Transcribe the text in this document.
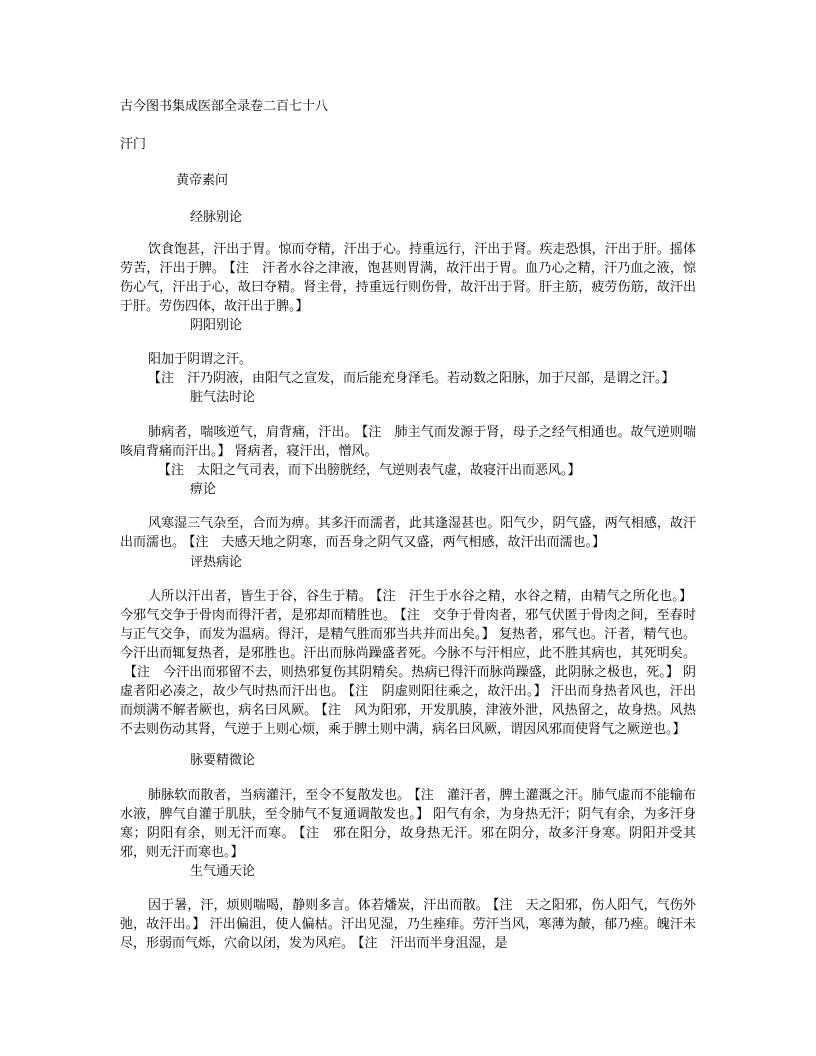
古今图书集成医部全录卷二百七十八
汗门
黄帝素问
经脉别论
饮食饱甚，汗出于胃。惊而夺精，汗出于心。持重远行，汗出于肾。疾走恐惧，汗出于肝。摇体劳苦，汗出于脾。 【注　汗者水谷之津液，饱甚则胃满，故汗出于胃。血乃心之精，汗乃血之液，惊伤心气，汗出于心，故曰夺精。肾主骨，持重远行则伤骨，故汗出于肾。肝主筋，疲劳伤筋，故汗出于肝。劳伤四体，故汗出于脾。】
阴阳别论
阳加于阴谓之汗。
【注　汗乃阴液，由阳气之宣发，而后能充身泽毛。若动数之阳脉，加于尺部，是谓之汗。】
脏气法时论
肺病者，喘咳逆气，肩背痛，汗出。 【注　肺主气而发源于肾，母子之经气相通也。故气逆则喘咳肩背痛而汗出。】 肾病者，寝汗出，憎风。
【注　太阳之气司表，而下出膀胱经，气逆则表气虚，故寝汗出而恶风。】
痹论
风寒湿三气杂至，合而为痹。其多汗而濡者，此其逢湿甚也。阳气少，阴气盛，两气相感，故汗出而濡也。 【注　夫感天地之阴寒，而吾身之阴气又盛，两气相感，故汗出而濡也。】
评热病论
人所以汗出者，皆生于谷，谷生于精。 【注　汗生于水谷之精，水谷之精，由精气之所化也。】今邪气交争于骨肉而得汗者，是邪却而精胜也。 【注　交争于骨肉者，邪气伏匿于骨肉之间，至春时与正气交争，而发为温病。得汗，是精气胜而邪当共并而出矣。】 复热者，邪气也。汗者，精气也。今汗出而辄复热者，是邪胜也。汗出而脉尚躁盛者死。今脉不与汗相应，此不胜其病也，其死明矣。【注　今汗出而邪留不去，则热邪复伤其阴精矣。热病已得汗而脉尚躁盛，此阴脉之极也，死。】 阴虚者阳必凑之，故少气时热而汗出也。 【注　阴虚则阳往乘之，故汗出。】 汗出而身热者风也，汗出而烦满不解者厥也，病名曰风厥。 【注　风为阳邪，开发肌腠，津液外泄，风热留之，故身热。风热不去则伤动其肾，气逆于上则心烦，乘于脾土则中满，病名曰风厥，谓因风邪而使肾气之厥逆也。】
脉要精微论
肺脉软而散者，当病灌汗，至令不复散发也。 【注　灌汗者，脾土灌溉之汗。肺气虚而不能输布水液，脾气自灌于肌肤，至令肺气不复通调散发也。】 阳气有余，为身热无汗；阴气有余，为多汗身寒；阴阳有余，则无汗而寒。 【注　邪在阳分，故身热无汗。邪在阴分，故多汗身寒。阴阳并受其邪，则无汗而寒也。】
生气通天论
因于暑，汗，烦则喘喝，静则多言。体若燔炭，汗出而散。 【注　天之阳邪，伤人阳气，气伤外弛，故汗出。】 汗出偏沮，使人偏枯。汗出见湿，乃生痤痱。劳汗当风，寒薄为皶，郁乃痤。魄汗未尽，形弱而气烁，穴俞以闭，发为风疟。 【注　汗出而半身沮湿，是
